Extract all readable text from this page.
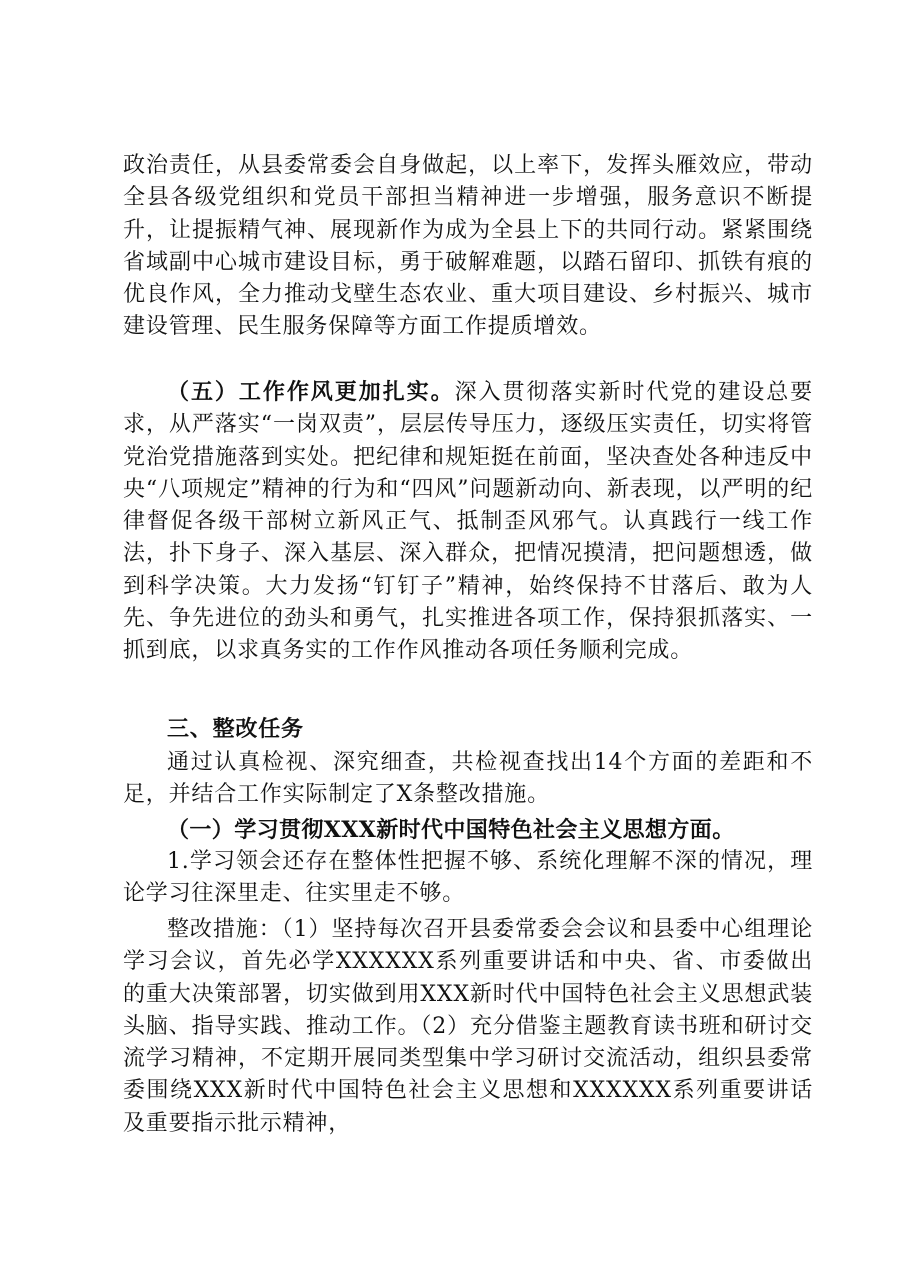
政治责任，从县委常委会自身做起，以上率下，发挥头雁效应，带动全县各级党组织和党员干部担当精神进一步增强，服务意识不断提升，让提振精气神、展现新作为成为全县上下的共同行动。紧紧围绕省域副中心城市建设目标，勇于破解难题，以踏石留印、抓铁有痕的优良作风，全力推动戈壁生态农业、重大项目建设、乡村振兴、城市建设管理、民生服务保障等方面工作提质增效。

（五）工作作风更加扎实。深入贯彻落实新时代党的建设总要求，从严落实“一岗双责”，层层传导压力，逐级压实责任，切实将管党治党措施落到实处。把纪律和规矩挺在前面，坚决查处各种违反中央“八项规定”精神的行为和“四风”问题新动向、新表现，以严明的纪律督促各级干部树立新风正气、抵制歪风邪气。认真践行一线工作法，扑下身子、深入基层、深入群众，把情况摸清，把问题想透，做到科学决策。大力发扬“钉钉子”精神，始终保持不甘落后、敢为人先、争先进位的劲头和勇气，扎实推进各项工作，保持狠抓落实、一抓到底，以求真务实的工作作风推动各项任务顺利完成。

三、整改任务

通过认真检视、深究细查，共检视查找出14个方面的差距和不足，并结合工作实际制定了X条整改措施。

（一）学习贯彻XXX新时代中国特色社会主义思想方面。

1.学习领会还存在整体性把握不够、系统化理解不深的情况，理论学习往深里走、往实里走不够。

整改措施：（1）坚持每次召开县委常委会会议和县委中心组理论学习会议，首先必学XXXXXX系列重要讲话和中央、省、市委做出的重大决策部署，切实做到用XXX新时代中国特色社会主义思想武装头脑、指导实践、推动工作。（2）充分借鉴主题教育读书班和研讨交流学习精神，不定期开展同类型集中学习研讨交流活动，组织县委常委围绕XXX新时代中国特色社会主义思想和XXXXXX系列重要讲话及重要指示批示精神，
